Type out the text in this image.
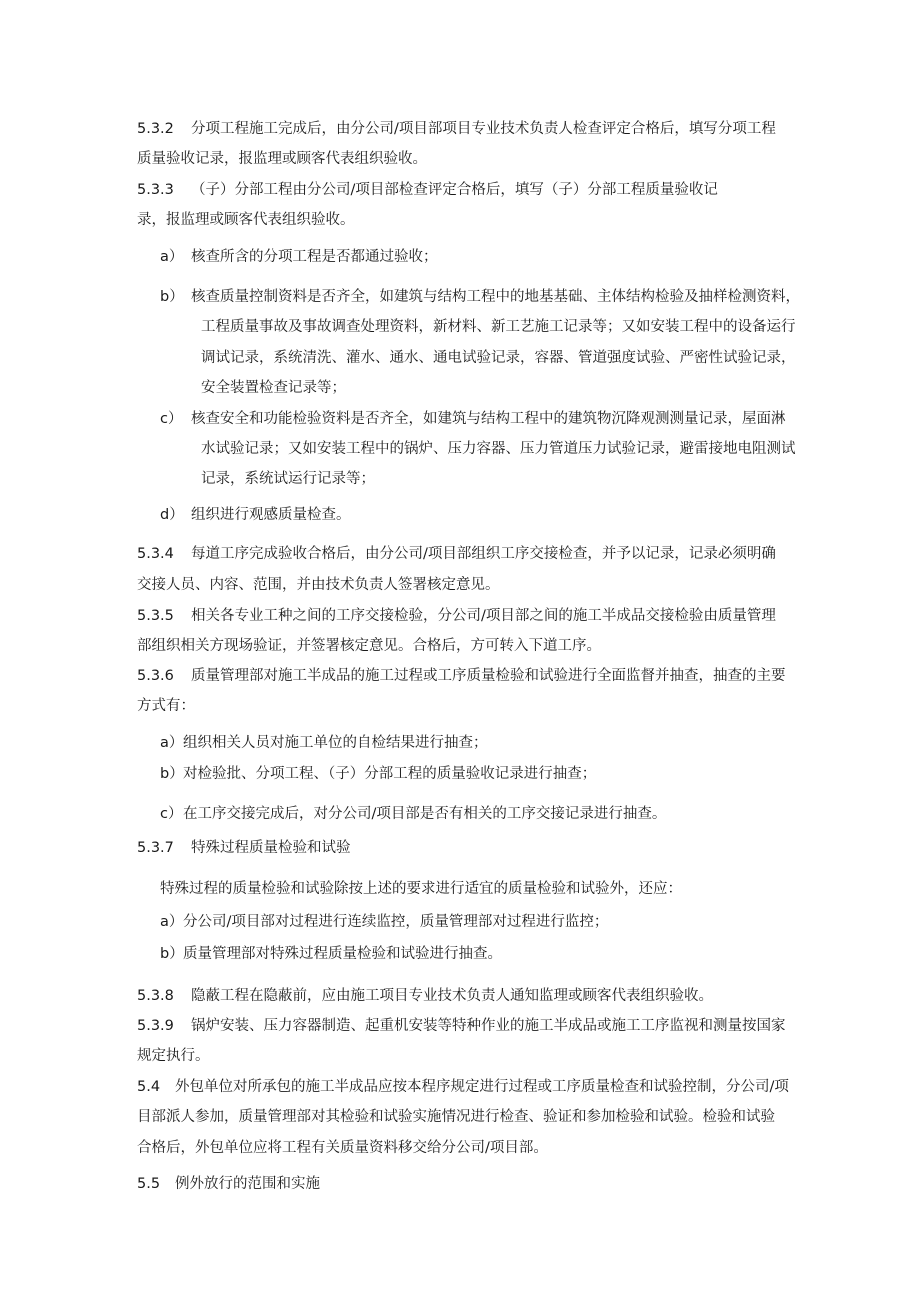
5.3.2 分项工程施工完成后，由分公司/项目部项目专业技术负责人检查评定合格后，填写分项工程
质量验收记录，报监理或顾客代表组织验收。
5.3.3 （子）分部工程由分公司/项目部检查评定合格后，填写（子）分部工程质量验收记
录，报监理或顾客代表组织验收。
a） 核查所含的分项工程是否都通过验收；
b） 核查质量控制资料是否齐全，如建筑与结构工程中的地基基础、主体结构检验及抽样检测资料，
工程质量事故及事故调查处理资料，新材料、新工艺施工记录等；又如安装工程中的设备运行
调试记录，系统清洗、灌水、通水、通电试验记录，容器、管道强度试验、严密性试验记录，
安全装置检查记录等；
c） 核查安全和功能检验资料是否齐全，如建筑与结构工程中的建筑物沉降观测测量记录，屋面淋
水试验记录；又如安装工程中的锅炉、压力容器、压力管道压力试验记录，避雷接地电阻测试
记录，系统试运行记录等；
d） 组织进行观感质量检查。
5.3.4 每道工序完成验收合格后，由分公司/项目部组织工序交接检查，并予以记录，记录必须明确
交接人员、内容、范围，并由技术负责人签署核定意见。
5.3.5 相关各专业工种之间的工序交接检验，分公司/项目部之间的施工半成品交接检验由质量管理
部组织相关方现场验证，并签署核定意见。合格后，方可转入下道工序。
5.3.6 质量管理部对施工半成品的施工过程或工序质量检验和试验进行全面监督并抽查，抽查的主要
方式有：
a） 组织相关人员对施工单位的自检结果进行抽查；
b） 对检验批、分项工程、（子）分部工程的质量验收记录进行抽查；
c） 在工序交接完成后，对分公司/项目部是否有相关的工序交接记录进行抽查。
5.3.7 特殊过程质量检验和试验
特殊过程的质量检验和试验除按上述的要求进行适宜的质量检验和试验外，还应：
a） 分公司/项目部对过程进行连续监控，质量管理部对过程进行监控；
b） 质量管理部对特殊过程质量检验和试验进行抽查。
5.3.8 隐蔽工程在隐蔽前，应由施工项目专业技术负责人通知监理或顾客代表组织验收。
5.3.9 锅炉安装、压力容器制造、起重机安装等特种作业的施工半成品或施工工序监视和测量按国家
规定执行。
5.4 外包单位对所承包的施工半成品应按本程序规定进行过程或工序质量检查和试验控制，分公司/项
目部派人参加，质量管理部对其检验和试验实施情况进行检查、验证和参加检验和试验。检验和试验
合格后，外包单位应将工程有关质量资料移交给分公司/项目部。
5.5 例外放行的范围和实施
